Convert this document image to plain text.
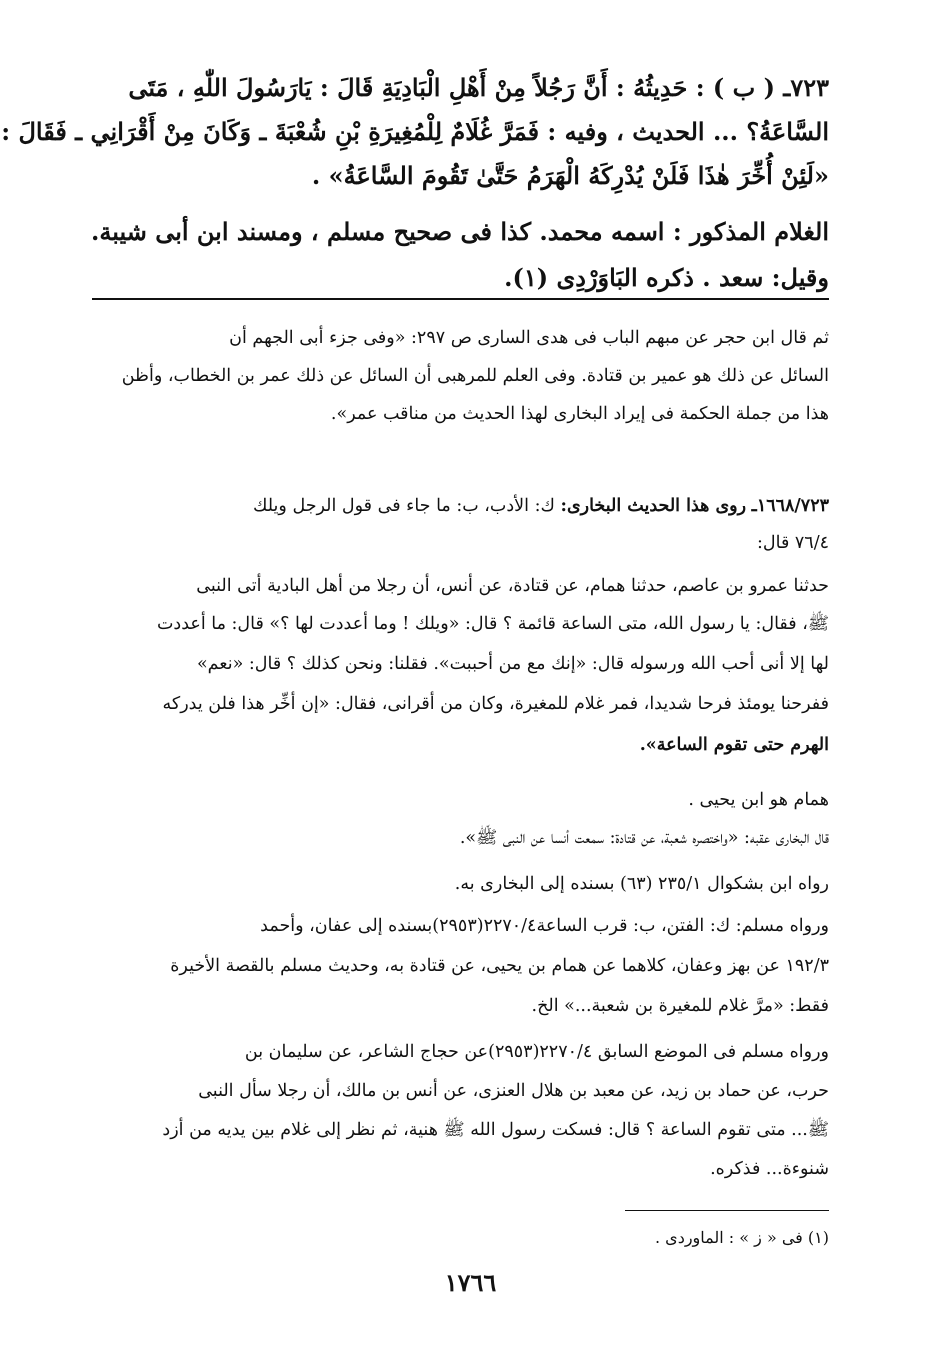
٧٢٣ـ ( ب ) : حَدِيثُهُ : أَنَّ رَجُلاً مِنْ أَهْلِ الْبَادِيَةِ قَالَ : يَارَسُولَ اللّٰهِ ، مَتَى
السَّاعَةُ؟ ... الحديث ، وفيه : فَمَرَّ غُلَامٌ لِلْمُغِيرَةِ بْنِ شُعْبَةَ ـ وَكَانَ مِنْ أَقْرَانِي ـ فَقَالَ :
«لَئِنْ أُخِّرَ هٰذَا فَلَنْ يُدْرِكَهُ الْهَرَمُ حَتَّىٰ تَقُومَ السَّاعَةُ» .
الغلام المذكور : اسمه محمد. كذا فى صحيح مسلم ، ومسند ابن أبى شيبة.
وقيل: سعد . ذكره البَاوَرْدِى (١).
ثم قال ابن حجر عن مبهم الباب فى هدى السارى ص ٢٩٧: «وفى جزء أبى الجهم أن
السائل عن ذلك هو عمير بن قتادة. وفى العلم للمرهبى أن السائل عن ذلك عمر بن الخطاب، وأظن
هذا من جملة الحكمة فى إيراد البخارى لهذا الحديث من مناقب عمر».
١٦٦٨/٧٢٣ـ روى هذا الحديث البخارى: ك: الأدب، ب: ما جاء فى قول الرجل ويلك
٧٦/٤ قال:
حدثنا عمرو بن عاصم، حدثنا همام، عن قتادة، عن أنس، أن رجلا من أهل البادية أتى النبى
ﷺ، فقال: يا رسول الله، متى الساعة قائمة ؟ قال: «ويلك ! وما أعددت لها ؟» قال: ما أعددت
لها إلا أنى أحب الله ورسوله قال: «إنك مع من أحببت». فقلنا: ونحن كذلك ؟ قال: «نعم»
ففرحنا يومئذ فرحا شديدا، فمر غلام للمغيرة، وكان من أقرانى، فقال: «إن أخِّر هذا فلن يدركه
الهرم حتى تقوم الساعة».
همام هو ابن يحيى .
قال البخارى عقبه: «واختصره شعبة، عن قتادة: سمعت أنسا عن النبى ﷺ».
رواه ابن بشكوال ٢٣٥/١ (٦٣) بسنده إلى البخارى به.
ورواه مسلم: ك: الفتن، ب: قرب الساعة٢٢٧٠/٤(٢٩٥٣)بسنده إلى عفان، وأحمد
١٩٢/٣ عن بهز وعفان، كلاهما عن همام بن يحيى، عن قتادة به، وحديث مسلم بالقصة الأخيرة
فقط: «مرَّ غلام للمغيرة بن شعبة...» الخ.
ورواه مسلم فى الموضع السابق ٢٢٧٠/٤(٢٩٥٣)عن حجاج الشاعر، عن سليمان بن
حرب، عن حماد بن زيد، عن معبد بن هلال العنزى، عن أنس بن مالك، أن رجلا سأل النبى
ﷺ... متى تقوم الساعة ؟ قال: فسكت رسول الله ﷺ هنية، ثم نظر إلى غلام بين يديه من أزد
شنوءة... فذكره.
(١) فى « ز » : الماوردى .
١٧٦٦
